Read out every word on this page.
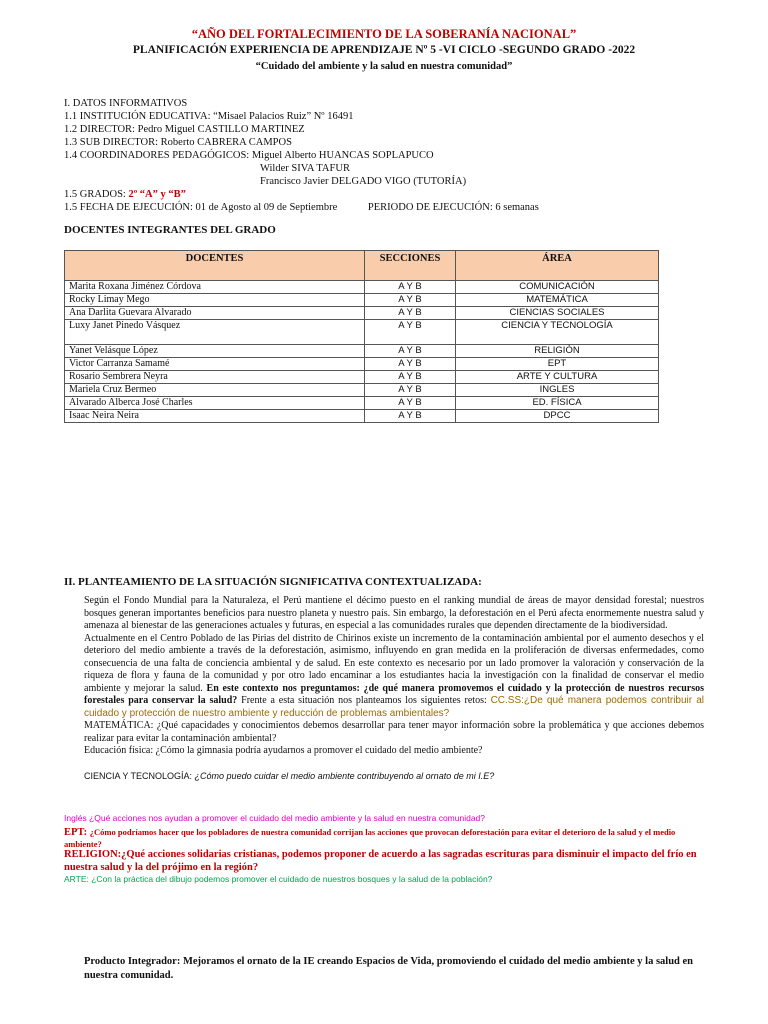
“AÑO DEL FORTALECIMIENTO DE LA SOBERANÍA NACIONAL”
PLANIFICACIÓN EXPERIENCIA DE APRENDIZAJE Nº 5 -VI CICLO -SEGUNDO GRADO -2022
“Cuidado del ambiente y la salud en nuestra comunidad”
I. DATOS INFORMATIVOS
1.1 INSTITUCIÓN EDUCATIVA: “Misael Palacios Ruiz” Nº 16491
1.2 DIRECTOR: Pedro Miguel CASTILLO MARTINEZ
1.3 SUB DIRECTOR: Roberto CABRERA CAMPOS
1.4 COORDINADORES PEDAGÓGICOS: Miguel Alberto HUANCAS SOPLAPUCO
Wilder SIVA TAFUR
Francisco Javier DELGADO VIGO (TUTORÍA)
1.5 GRADOS: 2º “A” y “B”
1.5 FECHA DE EJECUCIÓN: 01 de Agosto al 09 de Septiembre	PERIODO DE EJECUCIÓN: 6 semanas
DOCENTES INTEGRANTES DEL GRADO
DOCENTES	SECCIONES	ÁREA
Marita Roxana Jiménez Córdova	A Y B	COMUNICACIÓN
Rocky Limay Mego	A Y B	MATEMÁTICA
Ana Darlita Guevara Alvarado	A Y B	CIENCIAS SOCIALES
Luxy Janet Pinedo Vásquez	A Y B	CIENCIA Y TECNOLOGÍA
Yanet Velásque López	A Y B	RELIGIÓN
Victor Carranza Samamé	A Y B	EPT
Rosario Sembrera Neyra	A Y B	ARTE Y CULTURA
Mariela Cruz Bermeo	A Y B	INGLES
Alvarado Alberca José Charles	A Y B	ED. FÍSICA
Isaac Neira Neira	A Y B	DPCC
II. PLANTEAMIENTO DE LA SITUACIÓN SIGNIFICATIVA CONTEXTUALIZADA:
Según el Fondo Mundial para la Naturaleza, el Perú mantiene el décimo puesto en el ranking mundial de áreas de mayor densidad forestal; nuestros bosques generan importantes beneficios para nuestro planeta y nuestro país. Sin embargo, la deforestación en el Perú afecta enormemente nuestra salud y amenaza al bienestar de las generaciones actuales y futuras, en especial a las comunidades rurales que dependen directamente de la biodiversidad.
Actualmente en el Centro Poblado de las Pirias del distrito de Chirinos existe un incremento de la contaminación ambiental por el aumento desechos y el deterioro del medio ambiente a través de la deforestación, asimismo, influyendo en gran medida en la proliferación de diversas enfermedades, como consecuencia de una falta de conciencia ambiental y de salud. En este contexto es necesario por un lado promover la valoración y conservación de la riqueza de flora y fauna de la comunidad y por otro lado encaminar a los estudiantes hacia la investigación con la finalidad de conservar el medio ambiente y mejorar la salud. En este contexto nos preguntamos: ¿de qué manera promovemos el cuidado y la protección de nuestros recursos forestales para conservar la salud? Frente a esta situación nos planteamos los siguientes retos: CC.SS:¿De qué manera podemos contribuir al cuidado y protección de nuestro ambiente y reducción de problemas ambientales?
MATEMÁTICA: ¿Qué capacidades y conocimientos debemos desarrollar para tener mayor información sobre la problemática y que acciones debemos realizar para evitar la contaminación ambiental?
Educación física: ¿Cómo la gimnasia podría ayudarnos a promover el cuidado del medio ambiente?
CIENCIA Y TECNOLOGÍA: ¿Cómo puedo cuidar el medio ambiente contribuyendo al ornato de mi I.E?
Inglés ¿Qué acciones nos ayudan a promover el cuidado del medio ambiente y la salud en nuestra comunidad?
EPT: ¿Cómo podríamos hacer que los pobladores de nuestra comunidad corrijan las acciones que provocan deforestación para evitar el deterioro de la salud y el medio ambiente?
RELIGION:¿Qué acciones solidarias cristianas, podemos proponer de acuerdo a las sagradas escrituras para disminuir el impacto del frío en nuestra salud y la del prójimo en la región?
ARTE: ¿Con la práctica del dibujo podemos promover el cuidado de nuestros bosques y la salud de la población?
Producto Integrador: Mejoramos el ornato de la IE creando Espacios de Vida, promoviendo el cuidado del medio ambiente y la salud en nuestra comunidad.
